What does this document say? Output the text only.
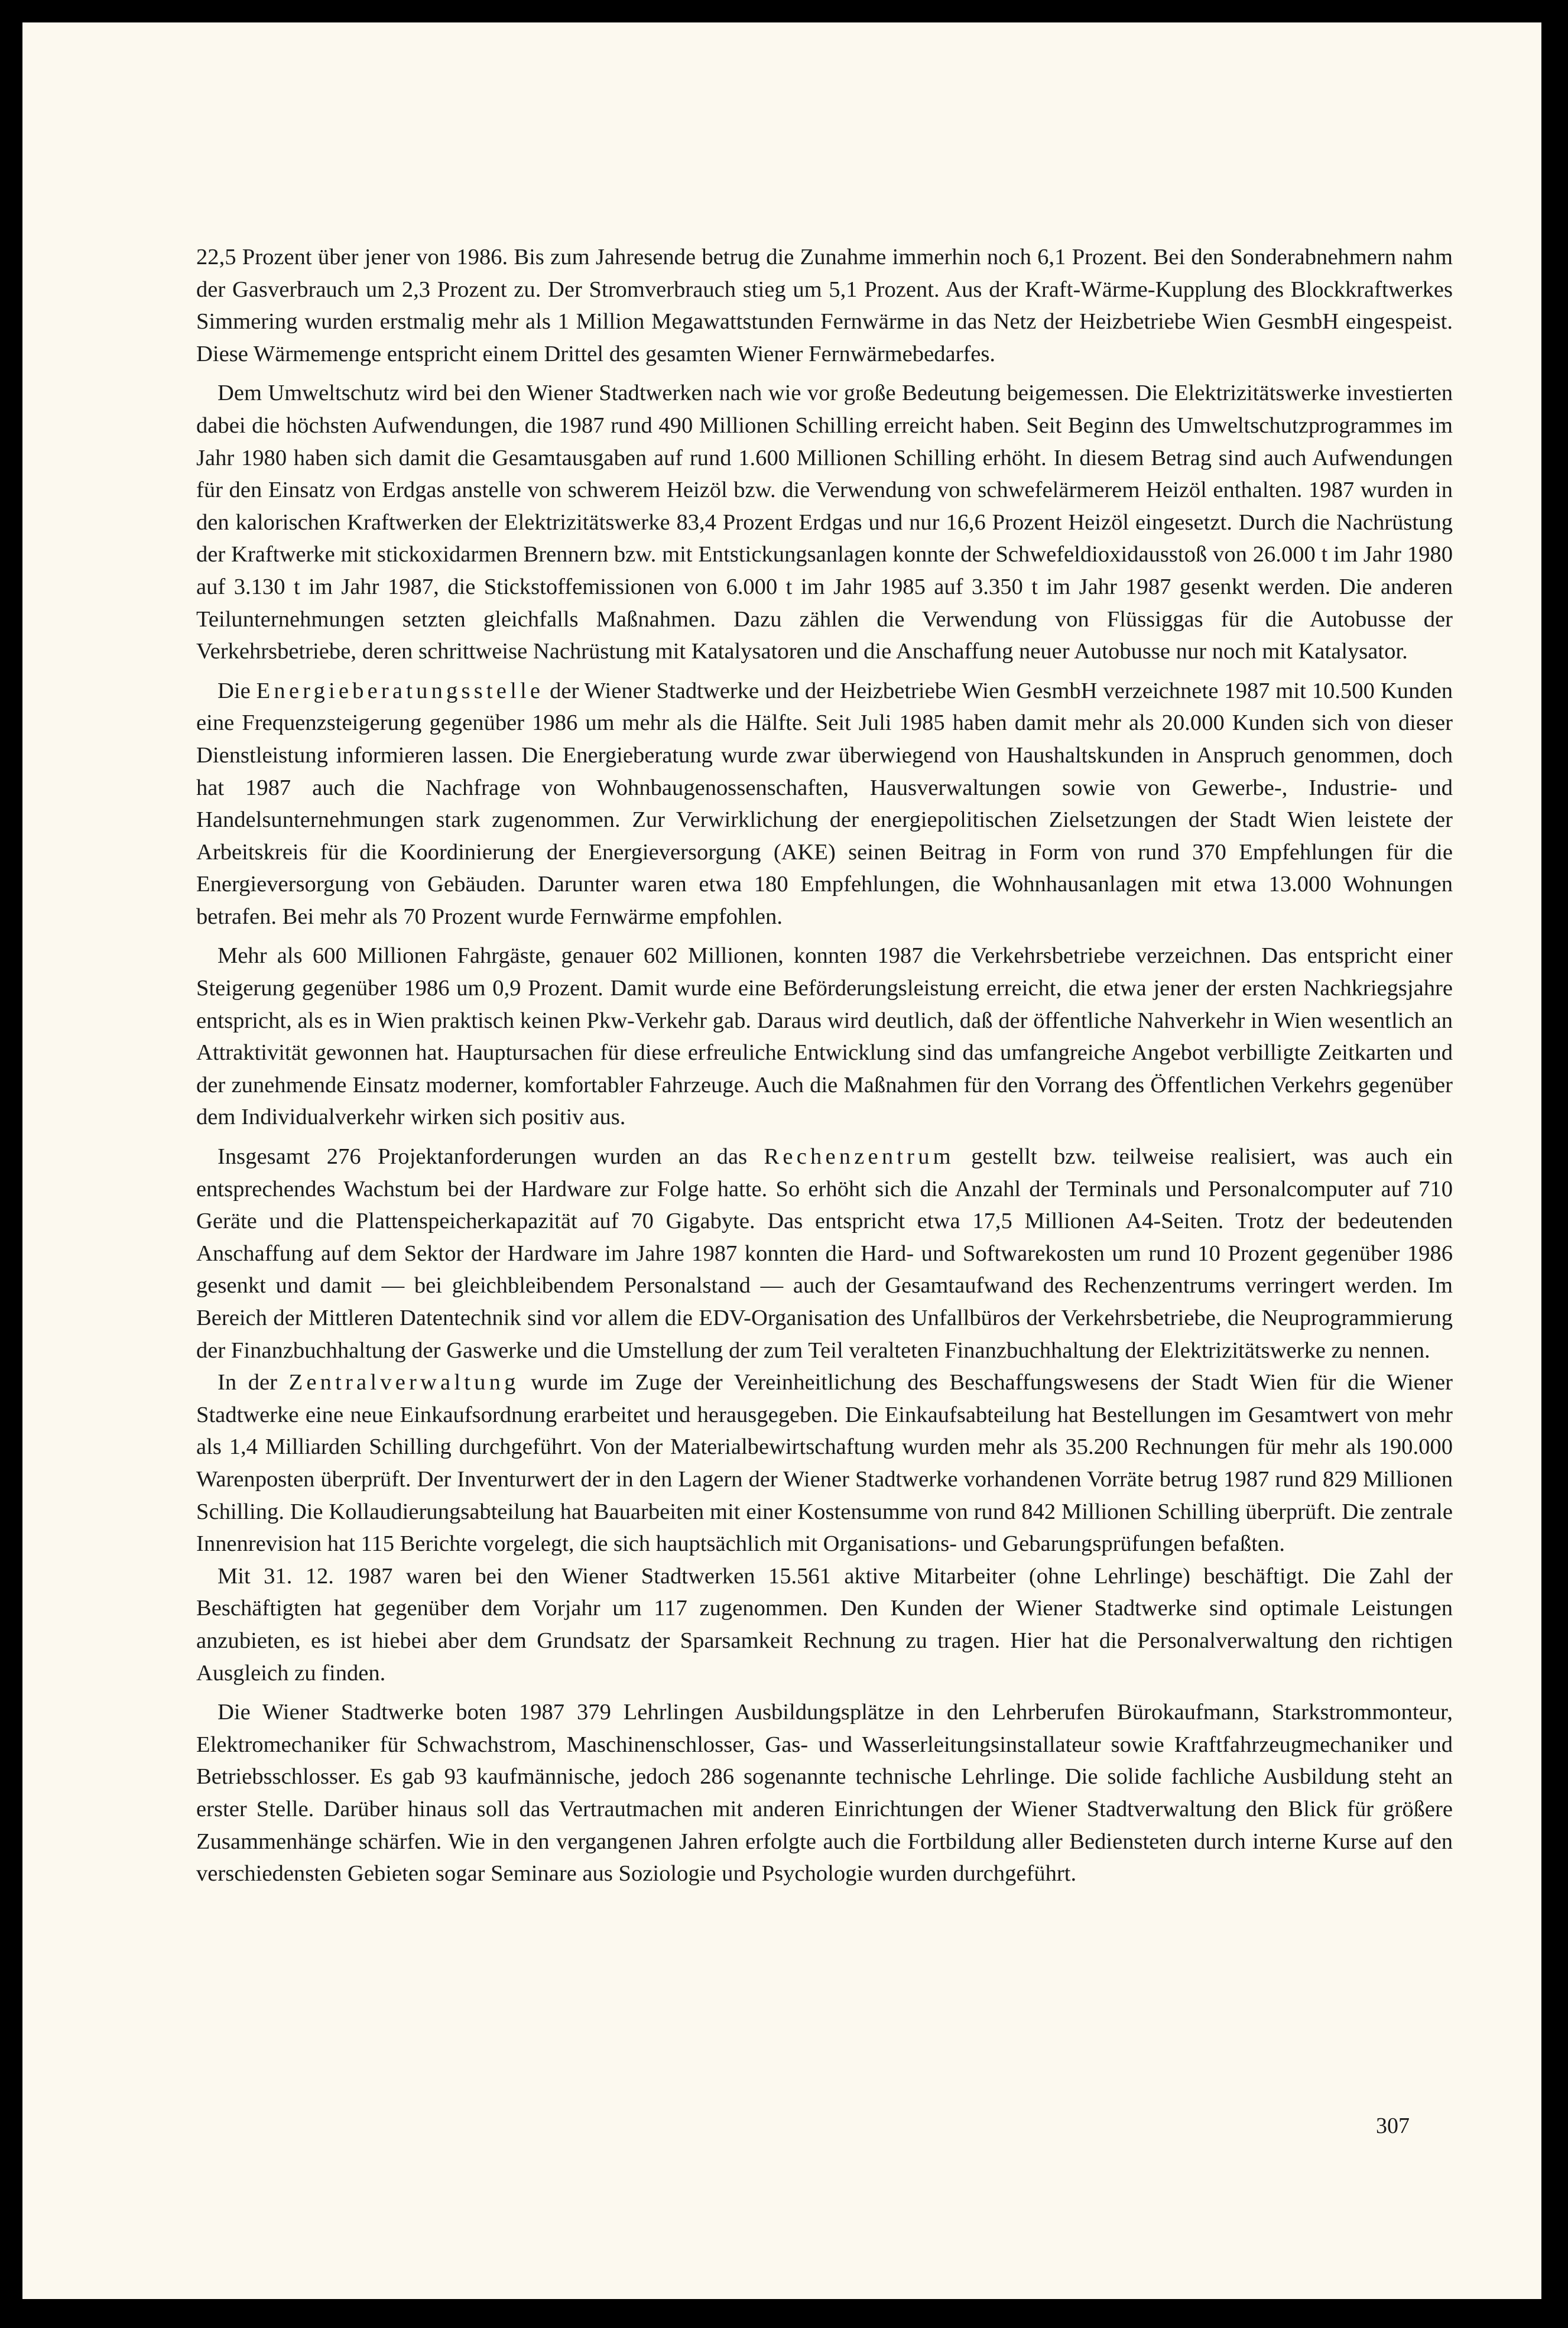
22,5 Prozent über jener von 1986. Bis zum Jahresende betrug die Zunahme immerhin noch 6,1 Prozent. Bei den Sonderabnehmern nahm der Gasverbrauch um 2,3 Prozent zu. Der Stromverbrauch stieg um 5,1 Prozent. Aus der Kraft-Wärme-Kupplung des Blockkraftwerkes Simmering wurden erstmalig mehr als 1 Million Megawattstunden Fernwärme in das Netz der Heizbetriebe Wien GesmbH eingespeist. Diese Wärmemenge entspricht einem Drittel des gesamten Wiener Fernwärmebedarfes.

Dem Umweltschutz wird bei den Wiener Stadtwerken nach wie vor große Bedeutung beigemessen. Die Elektrizitätswerke investierten dabei die höchsten Aufwendungen, die 1987 rund 490 Millionen Schilling erreicht haben. Seit Beginn des Umweltschutzprogrammes im Jahr 1980 haben sich damit die Gesamtausgaben auf rund 1.600 Millionen Schilling erhöht. In diesem Betrag sind auch Aufwendungen für den Einsatz von Erdgas anstelle von schwerem Heizöl bzw. die Verwendung von schwefelärmerem Heizöl enthalten. 1987 wurden in den kalorischen Kraftwerken der Elektrizitätswerke 83,4 Prozent Erdgas und nur 16,6 Prozent Heizöl eingesetzt. Durch die Nachrüstung der Kraftwerke mit stickoxidarmen Brennern bzw. mit Entstickungsanlagen konnte der Schwefeldioxidausstoß von 26.000 t im Jahr 1980 auf 3.130 t im Jahr 1987, die Stickstoffemissionen von 6.000 t im Jahr 1985 auf 3.350 t im Jahr 1987 gesenkt werden. Die anderen Teilunternehmungen setzten gleichfalls Maßnahmen. Dazu zählen die Verwendung von Flüssiggas für die Autobusse der Verkehrsbetriebe, deren schrittweise Nachrüstung mit Katalysatoren und die Anschaffung neuer Autobusse nur noch mit Katalysator.

Die Energieberatungsstelle der Wiener Stadtwerke und der Heizbetriebe Wien GesmbH verzeichnete 1987 mit 10.500 Kunden eine Frequenzsteigerung gegenüber 1986 um mehr als die Hälfte. Seit Juli 1985 haben damit mehr als 20.000 Kunden sich von dieser Dienstleistung informieren lassen. Die Energieberatung wurde zwar überwiegend von Haushaltskunden in Anspruch genommen, doch hat 1987 auch die Nachfrage von Wohnbaugenossenschaften, Hausverwaltungen sowie von Gewerbe-, Industrie- und Handelsunternehmungen stark zugenommen. Zur Verwirklichung der energiepolitischen Zielsetzungen der Stadt Wien leistete der Arbeitskreis für die Koordinierung der Energieversorgung (AKE) seinen Beitrag in Form von rund 370 Empfehlungen für die Energieversorgung von Gebäuden. Darunter waren etwa 180 Empfehlungen, die Wohnhausanlagen mit etwa 13.000 Wohnungen betrafen. Bei mehr als 70 Prozent wurde Fernwärme empfohlen.

Mehr als 600 Millionen Fahrgäste, genauer 602 Millionen, konnten 1987 die Verkehrsbetriebe verzeichnen. Das entspricht einer Steigerung gegenüber 1986 um 0,9 Prozent. Damit wurde eine Beförderungsleistung erreicht, die etwa jener der ersten Nachkriegsjahre entspricht, als es in Wien praktisch keinen Pkw-Verkehr gab. Daraus wird deutlich, daß der öffentliche Nahverkehr in Wien wesentlich an Attraktivität gewonnen hat. Hauptursachen für diese erfreuliche Entwicklung sind das umfangreiche Angebot verbilligte Zeitkarten und der zunehmende Einsatz moderner, komfortabler Fahrzeuge. Auch die Maßnahmen für den Vorrang des Öffentlichen Verkehrs gegenüber dem Individualverkehr wirken sich positiv aus.

Insgesamt 276 Projektanforderungen wurden an das Rechenzentrum gestellt bzw. teilweise realisiert, was auch ein entsprechendes Wachstum bei der Hardware zur Folge hatte. So erhöht sich die Anzahl der Terminals und Personalcomputer auf 710 Geräte und die Plattenspeicherkapazität auf 70 Gigabyte. Das entspricht etwa 17,5 Millionen A4-Seiten. Trotz der bedeutenden Anschaffung auf dem Sektor der Hardware im Jahre 1987 konnten die Hard- und Softwarekosten um rund 10 Prozent gegenüber 1986 gesenkt und damit — bei gleichbleibendem Personalstand — auch der Gesamtaufwand des Rechenzentrums verringert werden. Im Bereich der Mittleren Datentechnik sind vor allem die EDV-Organisation des Unfallbüros der Verkehrsbetriebe, die Neuprogrammierung der Finanzbuchhaltung der Gaswerke und die Umstellung der zum Teil veralteten Finanzbuchhaltung der Elektrizitätswerke zu nennen.

In der Zentralverwaltung wurde im Zuge der Vereinheitlichung des Beschaffungswesens der Stadt Wien für die Wiener Stadtwerke eine neue Einkaufsordnung erarbeitet und herausgegeben. Die Einkaufsabteilung hat Bestellungen im Gesamtwert von mehr als 1,4 Milliarden Schilling durchgeführt. Von der Materialbewirtschaftung wurden mehr als 35.200 Rechnungen für mehr als 190.000 Warenposten überprüft. Der Inventurwert der in den Lagern der Wiener Stadtwerke vorhandenen Vorräte betrug 1987 rund 829 Millionen Schilling. Die Kollaudierungsabteilung hat Bauarbeiten mit einer Kostensumme von rund 842 Millionen Schilling überprüft. Die zentrale Innenrevision hat 115 Berichte vorgelegt, die sich hauptsächlich mit Organisations- und Gebarungsprüfungen befaßten.

Mit 31. 12. 1987 waren bei den Wiener Stadtwerken 15.561 aktive Mitarbeiter (ohne Lehrlinge) beschäftigt. Die Zahl der Beschäftigten hat gegenüber dem Vorjahr um 117 zugenommen. Den Kunden der Wiener Stadtwerke sind optimale Leistungen anzubieten, es ist hiebei aber dem Grundsatz der Sparsamkeit Rechnung zu tragen. Hier hat die Personalverwaltung den richtigen Ausgleich zu finden.

Die Wiener Stadtwerke boten 1987 379 Lehrlingen Ausbildungsplätze in den Lehrberufen Bürokaufmann, Starkstrommonteur, Elektromechaniker für Schwachstrom, Maschinenschlosser, Gas- und Wasserleitungsinstallateur sowie Kraftfahrzeugmechaniker und Betriebsschlosser. Es gab 93 kaufmännische, jedoch 286 sogenannte technische Lehrlinge. Die solide fachliche Ausbildung steht an erster Stelle. Darüber hinaus soll das Vertrautmachen mit anderen Einrichtungen der Wiener Stadtverwaltung den Blick für größere Zusammenhänge schärfen. Wie in den vergangenen Jahren erfolgte auch die Fortbildung aller Bediensteten durch interne Kurse auf den verschiedensten Gebieten sogar Seminare aus Soziologie und Psychologie wurden durchgeführt.

307
